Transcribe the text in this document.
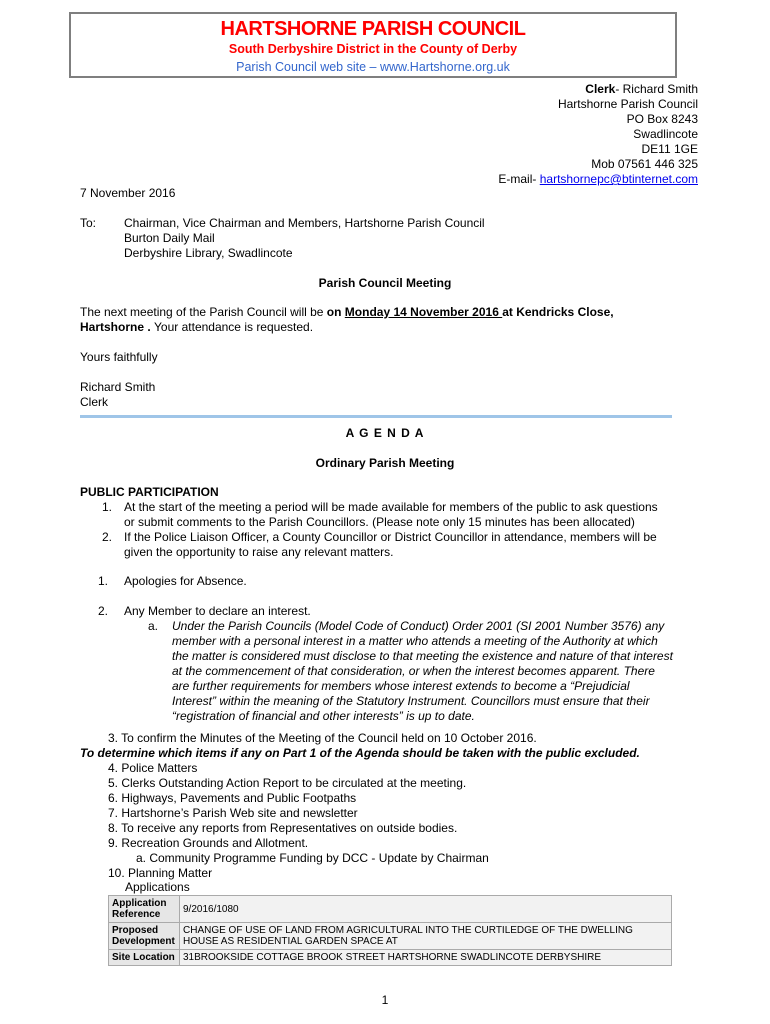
HARTSHORNE PARISH COUNCIL
South Derbyshire District in the County of Derby
Parish Council web site – www.Hartshorne.org.uk
Clerk- Richard Smith
Hartshorne Parish Council
PO Box 8243
Swadlincote
DE11 1GE
Mob 07561 446 325
E-mail- hartshornepc@btinternet.com
7 November 2016
To: Chairman, Vice Chairman and Members, Hartshorne Parish Council
Burton Daily Mail
Derbyshire Library, Swadlincote
Parish Council Meeting
The next meeting of the Parish Council will be on Monday 14 November 2016 at Kendricks Close,
Hartshorne . Your attendance is requested.
Yours faithfully
Richard Smith
Clerk
A G E N D A
Ordinary Parish Meeting
PUBLIC PARTICIPATION
1. At the start of the meeting a period will be made available for members of the public to ask questions
or submit comments to the Parish Councillors. (Please note only 15 minutes has been allocated)
2. If the Police Liaison Officer, a County Councillor or District Councillor in attendance, members will be
given the opportunity to raise any relevant matters.
1. Apologies for Absence.
2. Any Member to declare an interest.
a. Under the Parish Councils (Model Code of Conduct) Order 2001 (SI 2001 Number 3576) any
member with a personal interest in a matter who attends a meeting of the Authority at which
the matter is considered must disclose to that meeting the existence and nature of that interest
at the commencement of that consideration, or when the interest becomes apparent. There
are further requirements for members whose interest extends to become a “Prejudicial
Interest” within the meaning of the Statutory Instrument. Councillors must ensure that their
“registration of financial and other interests” is up to date.
3. To confirm the Minutes of the Meeting of the Council held on 10 October 2016.
To determine which items if any on Part 1 of the Agenda should be taken with the public excluded.
4. Police Matters
5. Clerks Outstanding Action Report to be circulated at the meeting.
6. Highways, Pavements and Public Footpaths
7. Hartshorne’s Parish Web site and newsletter
8. To receive any reports from Representatives on outside bodies.
9. Recreation Grounds and Allotment.
a. Community Programme Funding by DCC - Update by Chairman
10. Planning Matter
Applications
Application
Reference	9/2016/1080
Proposed
Development	CHANGE OF USE OF LAND FROM AGRICULTURAL INTO THE CURTILEDGE OF THE DWELLING HOUSE AS RESIDENTIAL GARDEN SPACE AT
Site Location	31BROOKSIDE COTTAGE BROOK STREET HARTSHORNE SWADLINCOTE DERBYSHIRE
1
